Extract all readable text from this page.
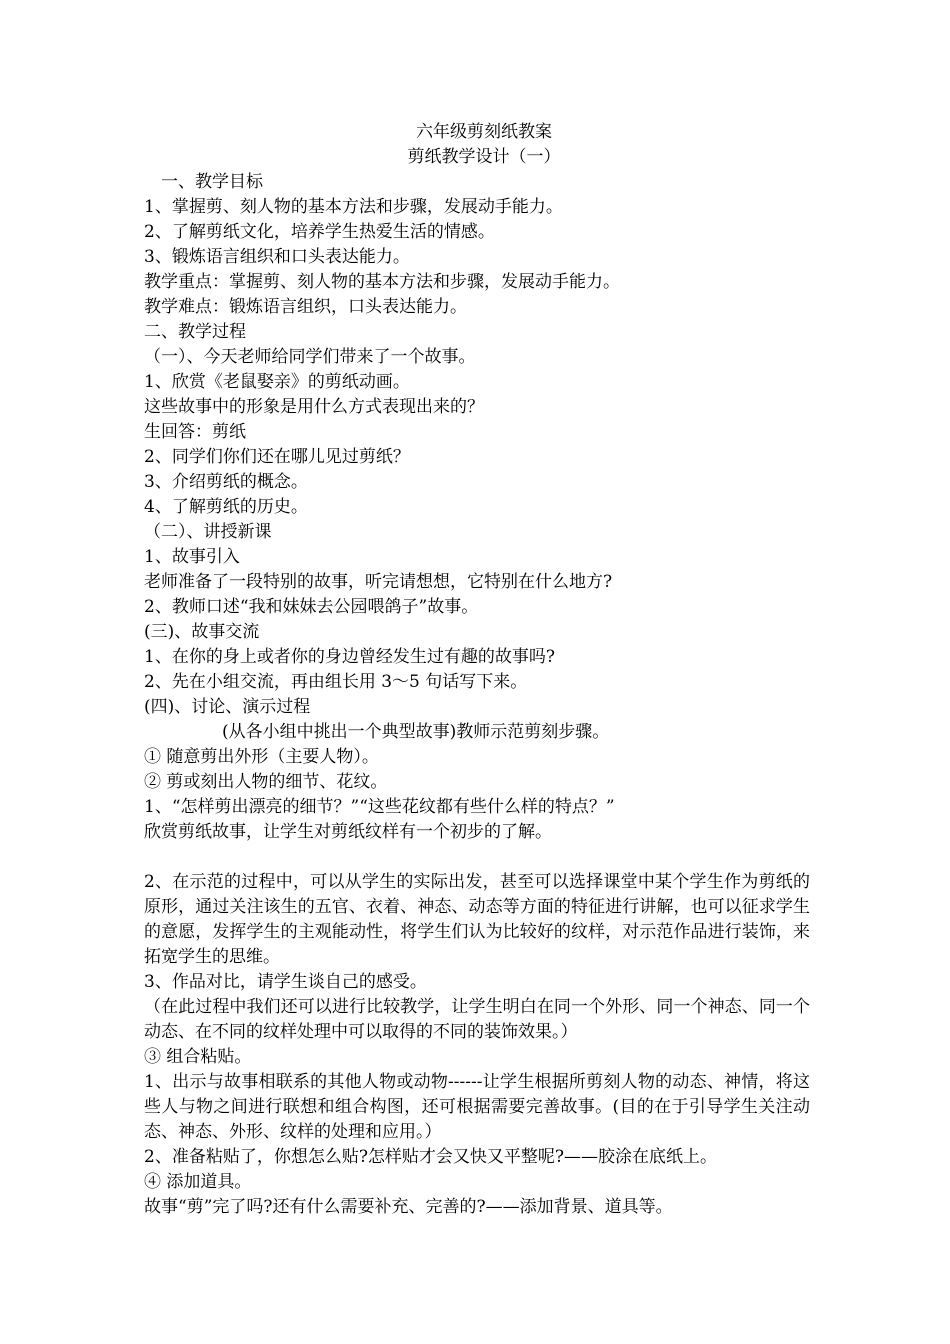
六年级剪刻纸教案
剪纸教学设计（一）
一、教学目标
1、掌握剪、刻人物的基本方法和步骤，发展动手能力。
2、了解剪纸文化，培养学生热爱生活的情感。
3、锻炼语言组织和口头表达能力。
教学重点：掌握剪、刻人物的基本方法和步骤，发展动手能力。
教学难点：锻炼语言组织，口头表达能力。
二、教学过程
（一）、今天老师给同学们带来了一个故事。
1、欣赏《老鼠娶亲》的剪纸动画。
这些故事中的形象是用什么方式表现出来的？
生回答：剪纸
2、同学们你们还在哪儿见过剪纸？
3、介绍剪纸的概念。
4、了解剪纸的历史。
（二）、讲授新课
1、故事引入
老师准备了一段特别的故事，听完请想想，它特别在什么地方?
2、教师口述“我和妹妹去公园喂鸽子”故事。
(三)、故事交流
1、在你的身上或者你的身边曾经发生过有趣的故事吗?
2、先在小组交流，再由组长用 3～5 句话写下来。
(四)、讨论、演示过程
(从各小组中挑出一个典型故事)教师示范剪刻步骤。
① 随意剪出外形（主要人物）。
② 剪或刻出人物的细节、花纹。
1、“怎样剪出漂亮的细节？”“这些花纹都有些什么样的特点？”
欣赏剪纸故事，让学生对剪纸纹样有一个初步的了解。
2、在示范的过程中，可以从学生的实际出发，甚至可以选择课堂中某个学生作为剪纸的原形，通过关注该生的五官、衣着、神态、动态等方面的特征进行讲解，也可以征求学生的意愿，发挥学生的主观能动性，将学生们认为比较好的纹样，对示范作品进行装饰，来拓宽学生的思维。
3、作品对比，请学生谈自己的感受。
（在此过程中我们还可以进行比较教学，让学生明白在同一个外形、同一个神态、同一个动态、在不同的纹样处理中可以取得的不同的装饰效果。）
③ 组合粘贴。
1、出示与故事相联系的其他人物或动物------让学生根据所剪刻人物的动态、神情，将这些人与物之间进行联想和组合构图，还可根据需要完善故事。(目的在于引导学生关注动态、神态、外形、纹样的处理和应用。）
2、准备粘贴了，你想怎么贴?怎样贴才会又快又平整呢?——胶涂在底纸上。
④ 添加道具。
故事“剪”完了吗?还有什么需要补充、完善的?——添加背景、道具等。
